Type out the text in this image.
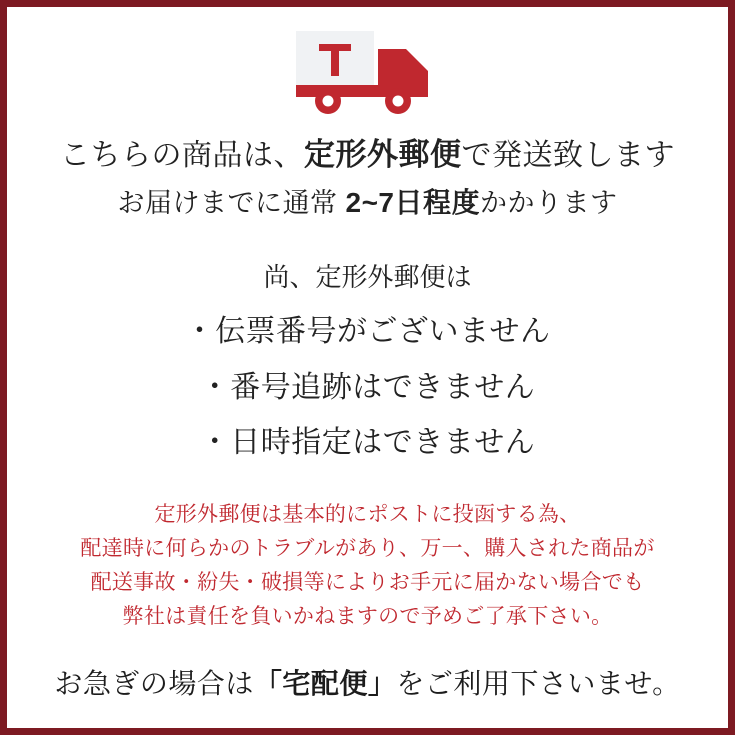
こちらの商品は、定形外郵便で発送致します
お届けまでに通常 2~7日程度かかります
尚、定形外郵便は
・伝票番号がございません
・番号追跡はできません
・日時指定はできません
定形外郵便は基本的にポストに投函する為、
配達時に何らかのトラブルがあり、万一、購入された商品が
配送事故・紛失・破損等によりお手元に届かない場合でも
弊社は責任を負いかねますので予めご了承下さい。
お急ぎの場合は「宅配便」をご利用下さいませ。
